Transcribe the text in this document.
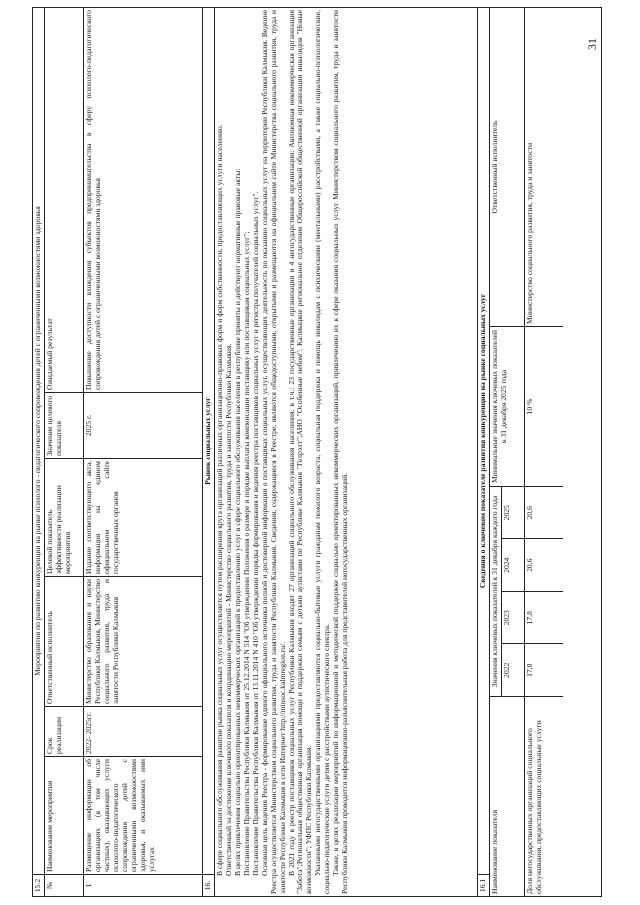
31
15.2
Мероприятия по развитию конкуренции на рынке психолого - педагогического сопровождения детей с ограниченными возможностями здоровья
№
Наименование мероприятия
Срок реализации
Ответственный исполнитель
Целевой показатель эффективности реализации мероприятия
Значение целевого показателя
Ожидаемый результат
1
Размещение информации об организациях (в том числе частных), оказывающих услуги психолого-педагогического сопровождения детей с ограниченными возможностями здоровья, и оказываемых ими услугах
2022- 2025гг.
Министерство образования и науки Республики Калмыкия, Министерство социального развития, труда и занятости Республики Калмыкия
Издание соответствующего акта, информация на едином официальном сайте государственных органов
2025 г.
Повышение доступности вхождения субъектов предпринимательства в сферу психолого-педагогического сопровождения детей с ограниченными возможностями здоровья
16.
Рынок социальных услуг В сфере социального обслуживания развитие рынка социальных услуг осуществляется путем расширения круга организаций различных организационно-правовых форм и форм собственности, предоставляющих услуги населению. Ответственный за достижение ключевого показателя и координацию мероприятий - Министерство социального развития, труда и занятости Республики Калмыкия. В целях привлечения социально ориентированных некоммерческих организаций к предоставлению услуг в сфере социального обслуживания населения в республике приняты и действуют нормативные правовые акты: Постановление Правительства Республики Калмыкия от 25.12.2014 N 514 "Об утверждении Положения о размере и порядке выплаты компенсации поставщику или поставщикам социальных услуг"; Постановление Правительства Республики Калмыкия от 13.11.2014 N 410 "Об утверждении порядка формирования и ведения реестра поставщиков социальных услуг и регистра получателей социальных услуг". Основная цель ведения Реестра - формирование единого официального источника полной и достоверной информации о поставщиках социальных услуг, осуществляющих деятельность по оказанию социальных услуг на территории Республики Калмыкия. Ведение Реестра осуществляется Министерством социального развития, труда и занятости Республики Калмыкия. Сведения, содержащиеся в Реестре, являются общедоступными, открытыми и размещаются на официальном сайте Министерства социального развития, труда и занятости Республики Калмыкия в сети Интернет http://minsoc.kalmregion.ru/. В 2021 году в реестр поставщиков социальных услуг Республики Калмыкия входят 27 организаций социального обслуживания населения, в т.ч.: 23 государственные организации и 4 негосударственные организации: Автономная некоммерческая организация "Забота";Региональная общественная организация помощи и поддержки семьям с детьми аутистами по Республике Калмыкия "Гелрэлт";АНО "Особенные небом"; Калмыцкое региональное отделение Общероссийской общественной организации инвалидов "Новые возможности"; УФПС Республики Калмыкия. Указанными негосударственными организациями предоставляются социально-бытовые услуги гражданам пожилого возраста, социальная поддержка и помощь инвалидам с психическими (ментальными) расстройствами, а также социально-психологические, социально-педагогические услуги детям с расстройствами аутистического спектра. Также, в целях реализации мероприятий по информационной и методической поддержке социально ориентированных некоммерческих организаций, привлечению их к сфере оказания социальных услуг Министерством социального развития, труда и занятости Республики Калмыкия проводится информационно-разъяснительная работа для представителей негосударственных организаций.	16.1
Сведения о ключевом показателе развития конкуренции на рынке социальных услуг
Наименование показателя
Значения ключевых показателей к 31 декабря каждого года 2022
2023
2024
2025
Минимальные значения ключевых показателей к 31 декабря 2025 года
Ответственный исполнитель
Доля негосударственных организаций социального обслуживания, предоставляющих социальные услуги
17,8
17,8
20,6
20,6
10 %
Министерство социального развития, труда и занятости
